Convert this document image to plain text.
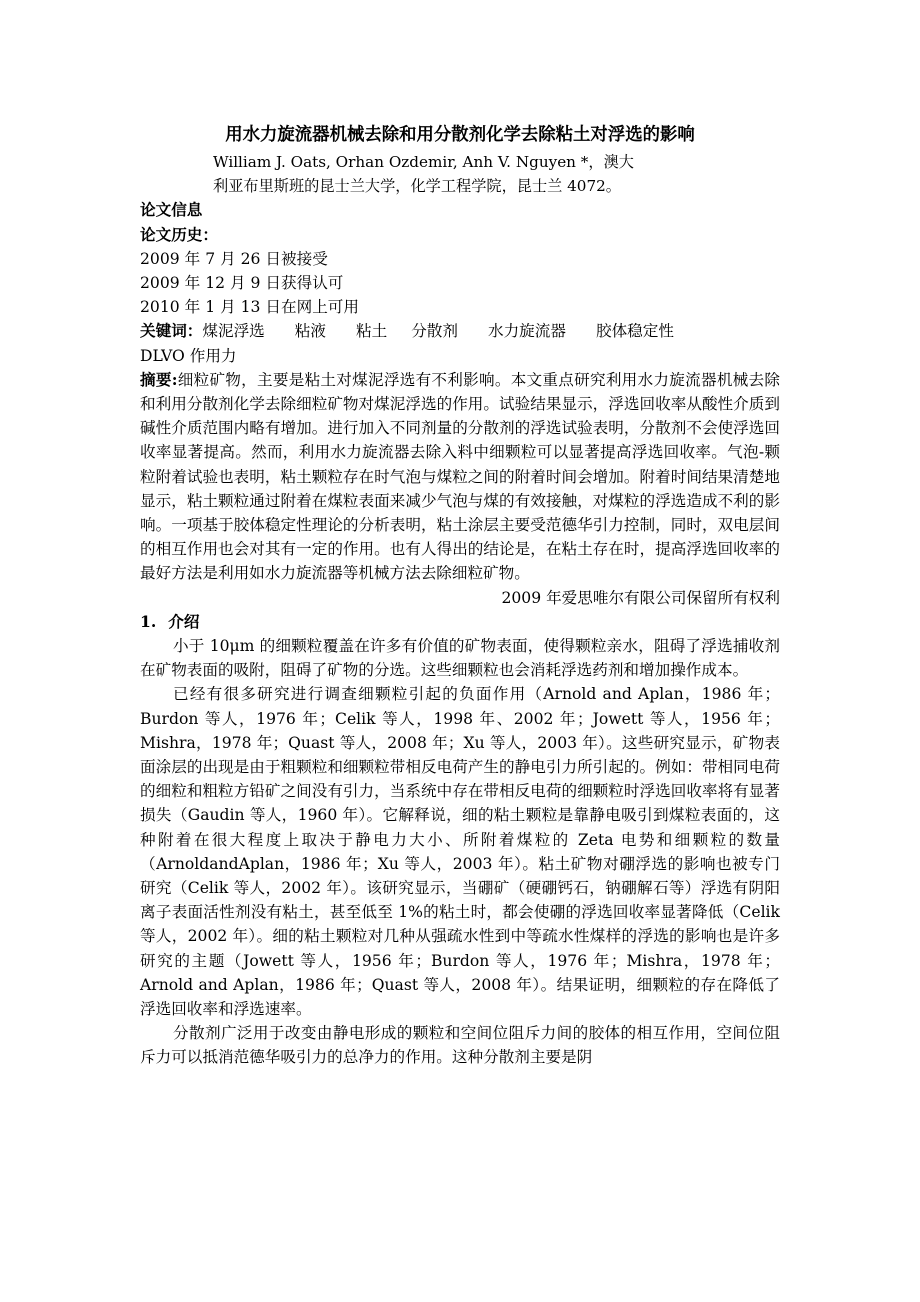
用水力旋流器机械去除和用分散剂化学去除粘土对浮选的影响
William J. Oats, Orhan Ozdemir, Anh V. Nguyen *，澳大
利亚布里斯班的昆士兰大学，化学工程学院，昆士兰 4072。
论文信息
论文历史：
2009 年 7 月 26 日被接受
2009 年 12 月 9 日获得认可
2010 年 1 月 13 日在网上可用
关键词：煤泥浮选 粘液 粘土 分散剂 水力旋流器 胶体稳定性
DLVO 作用力
摘要:细粒矿物，主要是粘土对煤泥浮选有不利影响。本文重点研究利用水力旋流器机械去除和利用分散剂化学去除细粒矿物对煤泥浮选的作用。试验结果显示，浮选回收率从酸性介质到碱性介质范围内略有增加。进行加入不同剂量的分散剂的浮选试验表明，分散剂不会使浮选回收率显著提高。然而，利用水力旋流器去除入料中细颗粒可以显著提高浮选回收率。气泡-颗粒附着试验也表明，粘土颗粒存在时气泡与煤粒之间的附着时间会增加。附着时间结果清楚地显示，粘土颗粒通过附着在煤粒表面来减少气泡与煤的有效接触，对煤粒的浮选造成不利的影响。一项基于胶体稳定性理论的分析表明，粘土涂层主要受范德华引力控制，同时，双电层间的相互作用也会对其有一定的作用。也有人得出的结论是，在粘土存在时，提高浮选回收率的最好方法是利用如水力旋流器等机械方法去除细粒矿物。
2009 年爱思唯尔有限公司保留所有权利
1. 介绍
小于 10μm 的细颗粒覆盖在许多有价值的矿物表面，使得颗粒亲水，阻碍了浮选捕收剂在矿物表面的吸附，阻碍了矿物的分选。这些细颗粒也会消耗浮选药剂和增加操作成本。
已经有很多研究进行调查细颗粒引起的负面作用（Arnold and Aplan，1986 年；Burdon 等人，1976 年；Celik 等人，1998 年、2002 年；Jowett 等人，1956 年；Mishra，1978 年；Quast 等人，2008 年；Xu 等人，2003 年）。这些研究显示，矿物表面涂层的出现是由于粗颗粒和细颗粒带相反电荷产生的静电引力所引起的。例如：带相同电荷的细粒和粗粒方铅矿之间没有引力，当系统中存在带相反电荷的细颗粒时浮选回收率将有显著损失（Gaudin 等人，1960 年）。它解释说，细的粘土颗粒是靠静电吸引到煤粒表面的，这种附着在很大程度上取决于静电力大小、所附着煤粒的 Zeta 电势和细颗粒的数量（ArnoldandAplan，1986 年；Xu 等人，2003 年）。粘土矿物对硼浮选的影响也被专门研究（Celik 等人，2002 年）。该研究显示，当硼矿（硬硼钙石，钠硼解石等）浮选有阴阳离子表面活性剂没有粘土，甚至低至 1%的粘土时，都会使硼的浮选回收率显著降低（Celik 等人，2002 年）。细的粘土颗粒对几种从强疏水性到中等疏水性煤样的浮选的影响也是许多研究的主题（Jowett 等人，1956 年；Burdon 等人，1976 年；Mishra，1978 年；Arnold and Aplan，1986 年；Quast 等人，2008 年）。结果证明，细颗粒的存在降低了浮选回收率和浮选速率。
分散剂广泛用于改变由静电形成的颗粒和空间位阻斥力间的胶体的相互作用，空间位阻斥力可以抵消范德华吸引力的总净力的作用。这种分散剂主要是阴
